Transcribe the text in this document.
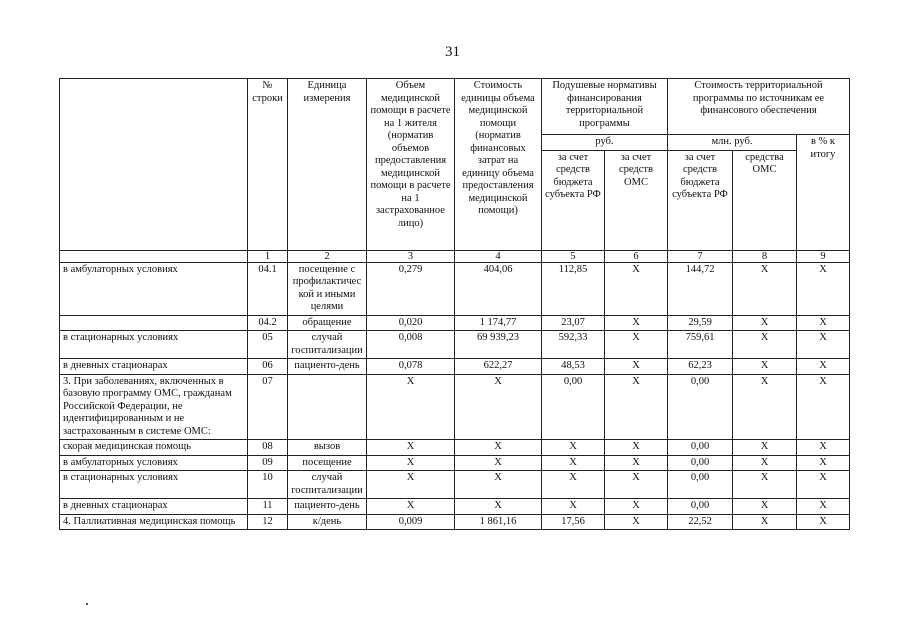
31
	№ строки	Единица измерения	Объем медицинской помощи в расчете на 1 жителя (норматив объемов предоставления медицинской помощи в расчете на 1 застрахованное лицо)	Стоимость единицы объема медицинской помощи (норматив финансовых затрат на единицу объема предоставления медицинской помощи)	Подушевые нормативы финансирования территориальной программы		Стоимость территориальной программы по источникам ее финансового обеспечения		
					руб.		млн. руб.		в % к итогу
					за счет средств бюджета субъекта РФ	за счет средств ОМС	за счет средств бюджета субъекта РФ	средства ОМС	
	1	2	3	4	5	6	7	8	9
в амбулаторных условиях	04.1	посещение с профилактичес кой и иными целями	0,279	404,06	112,85	Х	144,72	Х	Х
	04.2	обращение	0,020	1 174,77	23,07	Х	29,59	Х	Х
в стационарных условиях	05	случай госпитализации	0,008	69 939,23	592,33	Х	759,61	Х	Х
в дневных стационарах	06	пациенто-день	0,078	622,27	48,53	Х	62,23	Х	Х
3. При заболеваниях, включенных в базовую программу ОМС, гражданам Российской Федерации, не идентифицированным и не застрахованным в системе ОМС:	07		Х	Х	0,00	Х	0,00	Х	Х
скорая медицинская помощь	08	вызов	Х	Х	Х	Х	0,00	Х	Х
в амбулаторных условиях	09	посещение	Х	Х	Х	Х	0,00	Х	Х
в стационарных условиях	10	случай госпитализации	Х	Х	Х	Х	0,00	Х	Х
в дневных стационарах	11	пациенто-день	Х	Х	Х	Х	0,00	Х	Х
4. Паллиативная медицинская помощь	12	к/день	0,009	1 861,16	17,56	Х	22,52	Х	Х
